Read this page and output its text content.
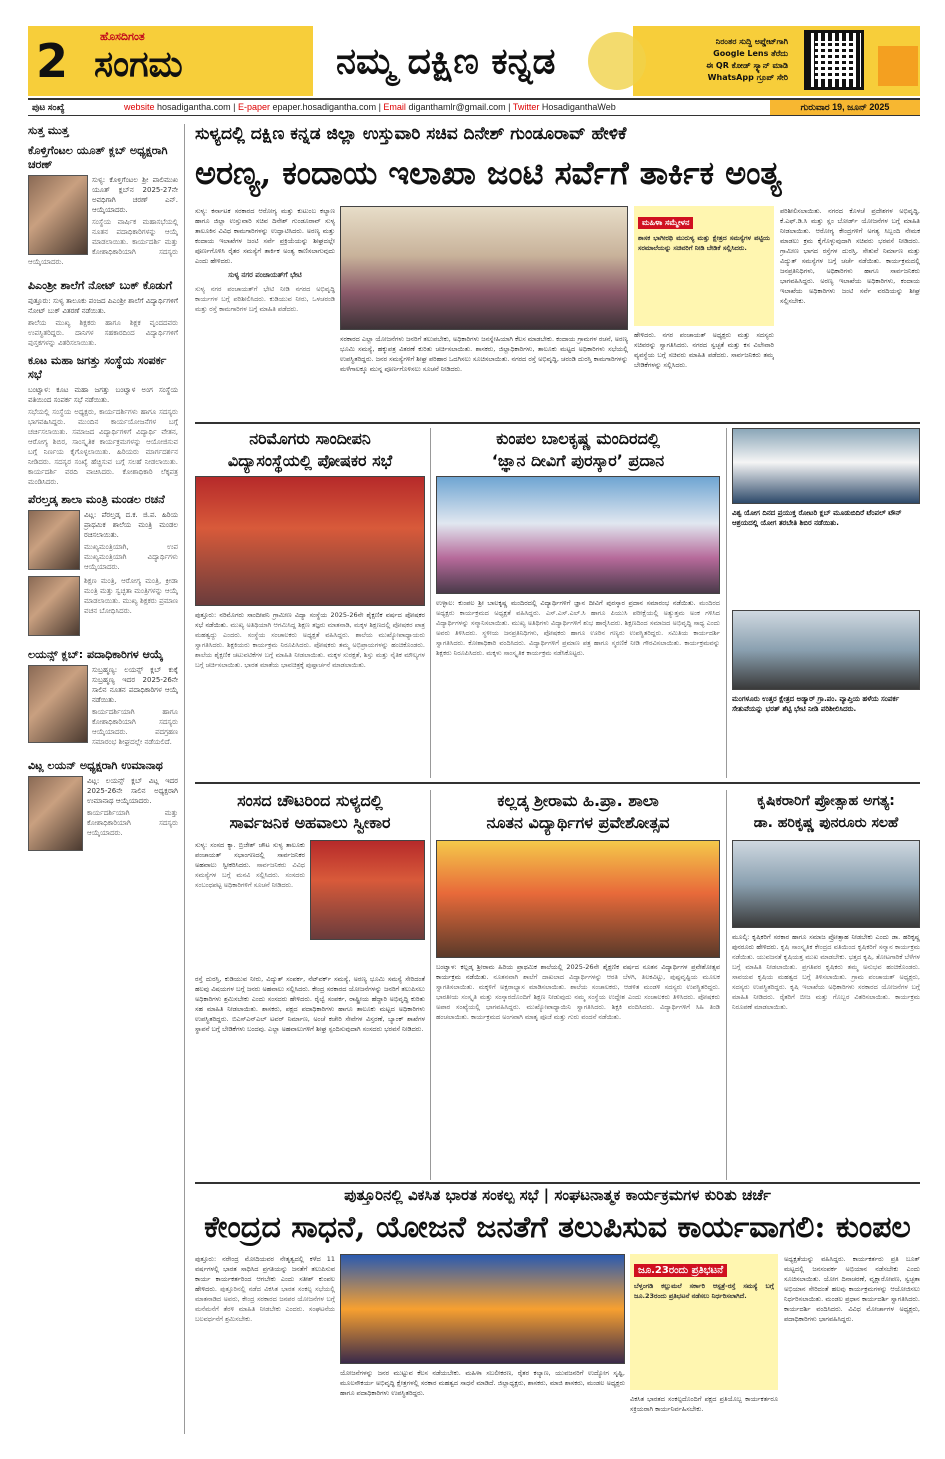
2	ಹೊಸದಿಗಂತ
ಸಂಗಮ	ನಮ್ಮ ದಕ್ಷಿಣ ಕನ್ನಡ	ನಿರಂತರ ಸುದ್ದಿ ಅಪ್ಡೇಟ್‌ಗಾಗಿ
Google Lens ತೆರೆದು
ಈ QR ಕೋಡ್ ಸ್ಕ್ಯಾನ್ ಮಾಡಿ
WhatsApp ಗ್ರೂಪ್ ಸೇರಿ
ಪುಟ ಸಂಖ್ಯೆ	website hosadigantha.com | E-paper epaper.hosadigantha.com | Email diganthamlr@gmail.com | Twitter HosadiganthaWeb	ಗುರುವಾರ 19, ಜೂನ್ 2025
ಸುತ್ತ ಮುತ್ತ
ಕೊಳ್ತಿಗೆಂಟಲ ಯೂತ್ ಕ್ಲಬ್ ಅಧ್ಯಕ್ಷರಾಗಿ ಚರಣ್

ಸುಳ್ಯ: ಕೊಳ್ತಿಗೆಂಟಲ ಶ್ರೀ ಪಾಲಿಮುಖ ಯೂತ್ ಕ್ಲಬ್‌ನ 2025-27ನೇ ಅವಧಿಗಾಗಿ ಚರಣ್ ಎನ್. ಆಯ್ಕೆಯಾದರು.

ಸಂಸ್ಥೆಯ ವಾರ್ಷಿಕ ಮಹಾಸಭೆಯಲ್ಲಿ ನೂತನ ಪದಾಧಿಕಾರಿಗಳನ್ನು ಆಯ್ಕೆ ಮಾಡಲಾಯಿತು. ಕಾರ್ಯದರ್ಶಿ ಮತ್ತು ಕೋಶಾಧಿಕಾರಿಯಾಗಿ ಸದಸ್ಯರು ಆಯ್ಕೆಯಾದರು.

ಪಿಎಂಶ್ರೀ ಶಾಲೆಗೆ ನೋಟ್ ಬುಕ್ ಕೊಡುಗೆ

ಪುತ್ತೂರು: ಸುಳ್ಯ ತಾಲೂಕು ಪಂಜದ ಪಿಎಂಶ್ರೀ ಶಾಲೆಗೆ ವಿದ್ಯಾರ್ಥಿಗಳಿಗೆ ನೋಟ್ ಬುಕ್ ವಿತರಣೆ ನಡೆಯಿತು.

ಶಾಲೆಯ ಮುಖ್ಯ ಶಿಕ್ಷಕರು ಹಾಗೂ ಶಿಕ್ಷಕ ವೃಂದದವರು ಉಪಸ್ಥಿತರಿದ್ದರು. ದಾನಿಗಳ ಸಹಕಾರದಿಂದ ವಿದ್ಯಾರ್ಥಿಗಳಿಗೆ ಪುಸ್ತಕಗಳನ್ನು ವಿತರಿಸಲಾಯಿತು.

ಕೂಟ ಮಹಾ ಜಗತ್ತು ಸಂಸ್ಥೆಯ ಸಂಪರ್ಕ ಸಭೆ

ಬಂಟ್ವಾಳ: ಕೂಟ ಮಹಾ ಜಗತ್ತು ಬಂಟ್ವಾಳ ಅಂಗ ಸಂಸ್ಥೆಯ ವತಿಯಿಂದ ಸಂಪರ್ಕ ಸಭೆ ನಡೆಯಿತು.

ಸಭೆಯಲ್ಲಿ ಸಂಸ್ಥೆಯ ಅಧ್ಯಕ್ಷರು, ಕಾರ್ಯದರ್ಶಿಗಳು ಹಾಗೂ ಸದಸ್ಯರು ಭಾಗವಹಿಸಿದ್ದರು. ಮುಂದಿನ ಕಾರ್ಯಯೋಜನೆಗಳ ಬಗ್ಗೆ ಚರ್ಚಿಸಲಾಯಿತು. ಸಮಾಜದ ವಿದ್ಯಾರ್ಥಿಗಳಿಗೆ ವಿದ್ಯಾರ್ಥಿ ವೇತನ, ಆರೋಗ್ಯ ಶಿಬಿರ, ಸಾಂಸ್ಕೃತಿಕ ಕಾರ್ಯಕ್ರಮಗಳನ್ನು ಆಯೋಜಿಸುವ ಬಗ್ಗೆ ನಿರ್ಣಯ ಕೈಗೊಳ್ಳಲಾಯಿತು. ಹಿರಿಯರು ಮಾರ್ಗದರ್ಶನ ನೀಡಿದರು. ಸದಸ್ಯರ ಸಂಖ್ಯೆ ಹೆಚ್ಚಿಸುವ ಬಗ್ಗೆ ಸಲಹೆ ನೀಡಲಾಯಿತು. ಕಾರ್ಯದರ್ಶಿ ವರದಿ ವಾಚಿಸಿದರು. ಕೋಶಾಧಿಕಾರಿ ಲೆಕ್ಕಪತ್ರ ಮಂಡಿಸಿದರು.

ಪೆರಲ್ತಡ್ಕ ಶಾಲಾ ಮಂತ್ರಿ ಮಂಡಲ ರಚನೆ

ವಿಟ್ಲ: ಪೆರಲ್ತಡ್ಕ ದ.ಕ. ಜಿ.ಪ. ಹಿರಿಯ ಪ್ರಾಥಮಿಕ ಶಾಲೆಯ ಮಂತ್ರಿ ಮಂಡಲ ರಚಿಸಲಾಯಿತು.

ಮುಖ್ಯಮಂತ್ರಿಯಾಗಿ, ಉಪ ಮುಖ್ಯಮಂತ್ರಿಯಾಗಿ ವಿದ್ಯಾರ್ಥಿಗಳು ಆಯ್ಕೆಯಾದರು.

ಶಿಕ್ಷಣ ಮಂತ್ರಿ, ಆರೋಗ್ಯ ಮಂತ್ರಿ, ಕ್ರೀಡಾ ಮಂತ್ರಿ ಮತ್ತು ಸ್ವಚ್ಛತಾ ಮಂತ್ರಿಗಳನ್ನು ಆಯ್ಕೆ ಮಾಡಲಾಯಿತು. ಮುಖ್ಯ ಶಿಕ್ಷಕರು ಪ್ರಮಾಣ ವಚನ ಬೋಧಿಸಿದರು.

ಲಯನ್ಸ್ ಕ್ಲಬ್: ಪದಾಧಿಕಾರಿಗಳ ಆಯ್ಕೆ

ಸುಬ್ರಹ್ಮಣ್ಯ: ಲಯನ್ಸ್ ಕ್ಲಬ್ ಕುಕ್ಕೆ ಸುಬ್ರಹ್ಮಣ್ಯ ಇದರ 2025-26ನೇ ಸಾಲಿನ ನೂತನ ಪದಾಧಿಕಾರಿಗಳ ಆಯ್ಕೆ ನಡೆಯಿತು.

ಕಾರ್ಯದರ್ಶಿಯಾಗಿ ಹಾಗೂ ಕೋಶಾಧಿಕಾರಿಯಾಗಿ ಸದಸ್ಯರು ಆಯ್ಕೆಯಾದರು. ಪದಗ್ರಹಣ ಸಮಾರಂಭ ಶೀಘ್ರದಲ್ಲೇ ನಡೆಯಲಿದೆ.

ವಿಟ್ಲ ಲಯನ್ ಅಧ್ಯಕ್ಷರಾಗಿ ಉಮಾನಾಥ

ವಿಟ್ಲ: ಲಯನ್ಸ್ ಕ್ಲಬ್ ವಿಟ್ಲ ಇದರ 2025-26ನೇ ಸಾಲಿನ ಅಧ್ಯಕ್ಷರಾಗಿ ಉಮಾನಾಥ ಆಯ್ಕೆಯಾದರು.

ಕಾರ್ಯದರ್ಶಿಯಾಗಿ ಮತ್ತು ಕೋಶಾಧಿಕಾರಿಯಾಗಿ ಸದಸ್ಯರು ಆಯ್ಕೆಯಾದರು.

ಸುಳ್ಯದಲ್ಲಿ ದಕ್ಷಿಣ ಕನ್ನಡ ಜಿಲ್ಲಾ ಉಸ್ತುವಾರಿ ಸಚಿವ ದಿನೇಶ್ ಗುಂಡೂರಾವ್ ಹೇಳಿಕೆ
ಅರಣ್ಯ, ಕಂದಾಯ ಇಲಾಖಾ ಜಂಟಿ ಸರ್ವೆಗೆ ತಾರ್ಕಿಕ ಅಂತ್ಯ
ಸುಳ್ಯ: ಕರ್ನಾಟಕ ಸರಕಾರದ ಆರೋಗ್ಯ ಮತ್ತು ಕುಟುಂಬ ಕಲ್ಯಾಣ ಹಾಗೂ ಜಿಲ್ಲಾ ಉಸ್ತುವಾರಿ ಸಚಿವ ದಿನೇಶ್ ಗುಂಡೂರಾವ್ ಸುಳ್ಯ ತಾಲೂಕಿನ ವಿವಿಧ ಕಾಮಗಾರಿಗಳನ್ನು ಉದ್ಘಾಟಿಸಿದರು. ಅರಣ್ಯ ಮತ್ತು ಕಂದಾಯ ಇಲಾಖೆಗಳ ಜಂಟಿ ಸರ್ವೆ ಪ್ರಕ್ರಿಯೆಯನ್ನು ಶೀಘ್ರದಲ್ಲೇ ಪೂರ್ಣಗೊಳಿಸಿ ರೈತರ ಸಮಸ್ಯೆಗೆ ತಾರ್ಕಿಕ ಅಂತ್ಯ ಕಾಣಿಸಲಾಗುವುದು ಎಂದು ಹೇಳಿದರು.
ಸುಳ್ಯ ನಗರ ಪಂಚಾಯತ್‌ಗೆ ಭೇಟಿ
ಸುಳ್ಯ ನಗರ ಪಂಚಾಯತ್‌ಗೆ ಭೇಟಿ ನೀಡಿ ನಗರದ ಅಭಿವೃದ್ಧಿ ಕಾರ್ಯಗಳ ಬಗ್ಗೆ ಪರಿಶೀಲಿಸಿದರು. ಕುಡಿಯುವ ನೀರು, ಒಳಚರಂಡಿ ಮತ್ತು ರಸ್ತೆ ಕಾಮಗಾರಿಗಳ ಬಗ್ಗೆ ಮಾಹಿತಿ ಪಡೆದರು.
ಸರಕಾರದ ಎಲ್ಲಾ ಯೋಜನೆಗಳು ಜನರಿಗೆ ತಲುಪಬೇಕು, ಅಧಿಕಾರಿಗಳು ಜನಸ್ನೇಹಿಯಾಗಿ ಕೆಲಸ ಮಾಡಬೇಕು. ಕಂದಾಯ ಗ್ರಾಮಗಳ ರಚನೆ, ಅರಣ್ಯ ಭೂಮಿ ಸಮಸ್ಯೆ, ಹಕ್ಕುಪತ್ರ ವಿತರಣೆ ಕುರಿತು ಚರ್ಚಿಸಲಾಯಿತು. ಶಾಸಕರು, ಜಿಲ್ಲಾಧಿಕಾರಿಗಳು, ತಾಲೂಕು ಮಟ್ಟದ ಅಧಿಕಾರಿಗಳು ಸಭೆಯಲ್ಲಿ ಉಪಸ್ಥಿತರಿದ್ದರು. ಜನರ ಸಮಸ್ಯೆಗಳಿಗೆ ಶೀಘ್ರ ಪರಿಹಾರ ಒದಗಿಸಲು ಸೂಚಿಸಲಾಯಿತು. ನಗರದ ರಸ್ತೆ ಅಭಿವೃದ್ಧಿ, ಚರಂಡಿ ದುರಸ್ತಿ ಕಾಮಗಾರಿಗಳನ್ನು ಮಳೆಗಾಲಕ್ಕೂ ಮುನ್ನ ಪೂರ್ಣಗೊಳಿಸಲು ಸೂಚನೆ ನೀಡಿದರು.
ಮಹಿಳಾ ಸಮ್ಮೇಳನ
ಶಾಸಕ ಭಾಗೀರಥಿ ಮುರುಳ್ಯ ಮತ್ತು ಕ್ಷೇತ್ರದ ಸಮಸ್ಯೆಗಳ ಪಟ್ಟಿಯ ಸರಮಾಲೆಯನ್ನು ಸಚಿವರಿಗೆ ನೀಡಿ ಬೇಡಿಕೆ ಸಲ್ಲಿಸಿದರು.
ಹೇಳಿದರು. ನಗರ ಪಂಚಾಯತ್ ಅಧ್ಯಕ್ಷರು ಮತ್ತು ಸದಸ್ಯರು ಸಚಿವರನ್ನು ಸ್ವಾಗತಿಸಿದರು. ನಗರದ ಸ್ವಚ್ಛತೆ ಮತ್ತು ಕಸ ವಿಲೇವಾರಿ ವ್ಯವಸ್ಥೆಯ ಬಗ್ಗೆ ಸಚಿವರು ಮಾಹಿತಿ ಪಡೆದರು. ಸಾರ್ವಜನಿಕರು ತಮ್ಮ ಬೇಡಿಕೆಗಳನ್ನು ಸಲ್ಲಿಸಿದರು.
ಪರಿಶೀಲಿಸಲಾಯಿತು. ನಗರದ ಕೊಳಚೆ ಪ್ರದೇಶಗಳ ಅಭಿವೃದ್ಧಿ, ಕೆ.ಎಫ್.ಡಿ.ಸಿ ಮತ್ತು ಸ್ಲಂ ಬೋರ್ಡ್ ಯೋಜನೆಗಳ ಬಗ್ಗೆ ಮಾಹಿತಿ ನೀಡಲಾಯಿತು. ಆರೋಗ್ಯ ಕೇಂದ್ರಗಳಿಗೆ ಅಗತ್ಯ ಸಿಬ್ಬಂದಿ ನೇಮಕ ಮಾಡಲು ಕ್ರಮ ಕೈಗೊಳ್ಳುವುದಾಗಿ ಸಚಿವರು ಭರವಸೆ ನೀಡಿದರು. ಗ್ರಾಮೀಣ ಭಾಗದ ರಸ್ತೆಗಳ ದುರಸ್ತಿ, ಸೇತುವೆ ನಿರ್ಮಾಣ ಮತ್ತು ವಿದ್ಯುತ್ ಸಮಸ್ಯೆಗಳ ಬಗ್ಗೆ ಚರ್ಚೆ ನಡೆಯಿತು. ಕಾರ್ಯಕ್ರಮದಲ್ಲಿ ಜನಪ್ರತಿನಿಧಿಗಳು, ಅಧಿಕಾರಿಗಳು ಹಾಗೂ ಸಾರ್ವಜನಿಕರು ಭಾಗವಹಿಸಿದ್ದರು. ಅರಣ್ಯ ಇಲಾಖೆಯ ಅಧಿಕಾರಿಗಳು, ಕಂದಾಯ ಇಲಾಖೆಯ ಅಧಿಕಾರಿಗಳು ಜಂಟಿ ಸರ್ವೆ ವರದಿಯನ್ನು ಶೀಘ್ರ ಸಲ್ಲಿಸಬೇಕು.
ನರಿಮೊಗರು ಸಾಂದೀಪನಿ
ವಿದ್ಯಾಸಂಸ್ಥೆಯಲ್ಲಿ ಪೋಷಕರ ಸಭೆ
ಪುತ್ತೂರು: ನರಿಮೊಗರು ಸಾಂದೀಪನಿ ಗ್ರಾಮೀಣ ವಿದ್ಯಾ ಸಂಸ್ಥೆಯ 2025-26ನೇ ಶೈಕ್ಷಣಿಕ ವರ್ಷದ ಪೋಷಕರ ಸಭೆ ನಡೆಯಿತು. ಮುಖ್ಯ ಅತಿಥಿಯಾಗಿ ಆಗಮಿಸಿದ್ದ ಶಿಕ್ಷಣ ತಜ್ಞರು ಮಾತನಾಡಿ, ಮಕ್ಕಳ ಶಿಕ್ಷಣದಲ್ಲಿ ಪೋಷಕರ ಪಾತ್ರ ಮಹತ್ವದ್ದು ಎಂದರು. ಸಂಸ್ಥೆಯ ಸಂಚಾಲಕರು ಅಧ್ಯಕ್ಷತೆ ವಹಿಸಿದ್ದರು. ಶಾಲೆಯ ಮುಖ್ಯೋಪಾಧ್ಯಾಯರು ಸ್ವಾಗತಿಸಿದರು. ಶಿಕ್ಷಕಿಯರು ಕಾರ್ಯಕ್ರಮ ನಿರೂಪಿಸಿದರು. ಪೋಷಕರು ತಮ್ಮ ಅಭಿಪ್ರಾಯಗಳನ್ನು ಹಂಚಿಕೊಂಡರು. ಶಾಲೆಯ ಶೈಕ್ಷಣಿಕ ಚಟುವಟಿಕೆಗಳ ಬಗ್ಗೆ ಮಾಹಿತಿ ನೀಡಲಾಯಿತು. ಮಕ್ಕಳ ಸುರಕ್ಷತೆ, ಶಿಸ್ತು ಮತ್ತು ನೈತಿಕ ಮೌಲ್ಯಗಳ ಬಗ್ಗೆ ಚರ್ಚಿಸಲಾಯಿತು. ಭಾರತ ಮಾತೆಯ ಭಾವಚಿತ್ರಕ್ಕೆ ಪುಷ್ಪಾರ್ಚನೆ ಮಾಡಲಾಯಿತು.
ಕುಂಪಲ ಬಾಲಕೃಷ್ಣ ಮಂದಿರದಲ್ಲಿ
‘ಜ್ಞಾನ ದೀವಿಗೆ ಪುರಸ್ಕಾರ’ ಪ್ರದಾನ
ಉಳ್ಳಾಲ: ಕುಂಪಲ ಶ್ರೀ ಬಾಲಕೃಷ್ಣ ಮಂದಿರದಲ್ಲಿ ವಿದ್ಯಾರ್ಥಿಗಳಿಗೆ ಜ್ಞಾನ ದೀವಿಗೆ ಪುರಸ್ಕಾರ ಪ್ರದಾನ ಸಮಾರಂಭ ನಡೆಯಿತು. ಮಂದಿರದ ಅಧ್ಯಕ್ಷರು ಕಾರ್ಯಕ್ರಮದ ಅಧ್ಯಕ್ಷತೆ ವಹಿಸಿದ್ದರು. ಎಸ್.ಎಸ್.ಎಲ್.ಸಿ ಹಾಗೂ ಪಿಯುಸಿ ಪರೀಕ್ಷೆಯಲ್ಲಿ ಅತ್ಯುತ್ತಮ ಅಂಕ ಗಳಿಸಿದ ವಿದ್ಯಾರ್ಥಿಗಳನ್ನು ಸನ್ಮಾನಿಸಲಾಯಿತು. ಮುಖ್ಯ ಅತಿಥಿಗಳು ವಿದ್ಯಾರ್ಥಿಗಳಿಗೆ ಶುಭ ಹಾರೈಸಿದರು. ಶಿಕ್ಷಣದಿಂದ ಸಮಾಜದ ಅಭಿವೃದ್ಧಿ ಸಾಧ್ಯ ಎಂದು ಅವರು ತಿಳಿಸಿದರು. ಸ್ಥಳೀಯ ಜನಪ್ರತಿನಿಧಿಗಳು, ಪೋಷಕರು ಹಾಗೂ ಊರಿನ ಗಣ್ಯರು ಉಪಸ್ಥಿತರಿದ್ದರು. ಸಮಿತಿಯ ಕಾರ್ಯದರ್ಶಿ ಸ್ವಾಗತಿಸಿದರು. ಕೋಶಾಧಿಕಾರಿ ವಂದಿಸಿದರು. ವಿದ್ಯಾರ್ಥಿಗಳಿಗೆ ಪ್ರಮಾಣ ಪತ್ರ ಹಾಗೂ ಸ್ಮರಣಿಕೆ ನೀಡಿ ಗೌರವಿಸಲಾಯಿತು. ಕಾರ್ಯಕ್ರಮವನ್ನು ಶಿಕ್ಷಕರು ನಿರೂಪಿಸಿದರು. ಮಕ್ಕಳು ಸಾಂಸ್ಕೃತಿಕ ಕಾರ್ಯಕ್ರಮ ನಡೆಸಿಕೊಟ್ಟರು.
ವಿಶ್ವ ಯೋಗ ದಿನದ ಪ್ರಯುಕ್ತ ರೋಟರಿ ಕ್ಲಬ್ ಮೂಡುಬಿದಿರೆ ಟೆಂಪಲ್ ಟೌನ್ ಆಶ್ರಯದಲ್ಲಿ ಯೋಗ ತರಬೇತಿ ಶಿಬಿರ ನಡೆಯಿತು.
ಮಂಗಳೂರು ಉತ್ತರ ಕ್ಷೇತ್ರದ ಅಡ್ಯಾರ್ ಗ್ರಾ.ಪಂ. ವ್ಯಾಪ್ತಿಯ ಹಳೆಯ ಸಂಪರ್ಕ ಸೇತುವೆಯನ್ನು ಭರತ್ ಶೆಟ್ಟಿ ಭೇಟಿ ನೀಡಿ ಪರಿಶೀಲಿಸಿದರು.
ಸಂಸದ ಚೌಟರಿಂದ ಸುಳ್ಯದಲ್ಲಿ
ಸಾರ್ವಜನಿಕ ಅಹವಾಲು ಸ್ವೀಕಾರ
ಸುಳ್ಯ: ಸಂಸದ ಕ್ಯಾ. ಬ್ರಿಜೇಶ್ ಚೌಟ ಸುಳ್ಯ ತಾಲೂಕು ಪಂಚಾಯತ್ ಸಭಾಂಗಣದಲ್ಲಿ ಸಾರ್ವಜನಿಕರ ಅಹವಾಲು ಸ್ವೀಕರಿಸಿದರು. ಸಾರ್ವಜನಿಕರು ವಿವಿಧ ಸಮಸ್ಯೆಗಳ ಬಗ್ಗೆ ಮನವಿ ಸಲ್ಲಿಸಿದರು. ಸಂಸದರು ಸಂಬಂಧಪಟ್ಟ ಅಧಿಕಾರಿಗಳಿಗೆ ಸೂಚನೆ ನೀಡಿದರು.
ರಸ್ತೆ ದುರಸ್ತಿ, ಕುಡಿಯುವ ನೀರು, ವಿದ್ಯುತ್ ಸಂಪರ್ಕ, ನೆಟ್‌ವರ್ಕ್ ಸಮಸ್ಯೆ, ಅರಣ್ಯ ಭೂಮಿ ಸಮಸ್ಯೆ ಸೇರಿದಂತೆ ಹಲವು ವಿಷಯಗಳ ಬಗ್ಗೆ ಜನರು ಅಹವಾಲು ಸಲ್ಲಿಸಿದರು. ಕೇಂದ್ರ ಸರಕಾರದ ಯೋಜನೆಗಳನ್ನು ಜನರಿಗೆ ತಲುಪಿಸಲು ಅಧಿಕಾರಿಗಳು ಶ್ರಮಿಸಬೇಕು ಎಂದು ಸಂಸದರು ಹೇಳಿದರು. ರೈಲ್ವೆ ಸಂಪರ್ಕ, ರಾಷ್ಟ್ರೀಯ ಹೆದ್ದಾರಿ ಅಭಿವೃದ್ಧಿ ಕುರಿತು ಸಹ ಮಾಹಿತಿ ನೀಡಲಾಯಿತು. ಶಾಸಕರು, ಪಕ್ಷದ ಪದಾಧಿಕಾರಿಗಳು ಹಾಗೂ ತಾಲೂಕು ಮಟ್ಟದ ಅಧಿಕಾರಿಗಳು ಉಪಸ್ಥಿತರಿದ್ದರು. ಬಿಎಸ್‌ಎನ್‌ಎಲ್ ಟವರ್ ನಿರ್ಮಾಣ, ಅಂಚೆ ಕಚೇರಿ ಸೇವೆಗಳ ವಿಸ್ತರಣೆ, ಬ್ಯಾಂಕ್ ಶಾಖೆಗಳ ಸ್ಥಾಪನೆ ಬಗ್ಗೆ ಬೇಡಿಕೆಗಳು ಬಂದವು. ಎಲ್ಲಾ ಅಹವಾಲುಗಳಿಗೆ ಶೀಘ್ರ ಸ್ಪಂದಿಸುವುದಾಗಿ ಸಂಸದರು ಭರವಸೆ ನೀಡಿದರು.
ಕಲ್ಲಡ್ಕ ಶ್ರೀರಾಮ ಹಿ.ಪ್ರಾ. ಶಾಲಾ
ನೂತನ ವಿದ್ಯಾರ್ಥಿಗಳ ಪ್ರವೇಶೋತ್ಸವ
ಬಂಟ್ವಾಳ: ಕಲ್ಲಡ್ಕ ಶ್ರೀರಾಮ ಹಿರಿಯ ಪ್ರಾಥಮಿಕ ಶಾಲೆಯಲ್ಲಿ 2025-26ನೇ ಶೈಕ್ಷಣಿಕ ವರ್ಷದ ನೂತನ ವಿದ್ಯಾರ್ಥಿಗಳ ಪ್ರವೇಶೋತ್ಸವ ಕಾರ್ಯಕ್ರಮ ನಡೆಯಿತು. ನೂತನವಾಗಿ ಶಾಲೆಗೆ ದಾಖಲಾದ ವಿದ್ಯಾರ್ಥಿಗಳನ್ನು ಆರತಿ ಬೆಳಗಿ, ತಿಲಕವಿಟ್ಟು, ಪುಷ್ಪವೃಷ್ಟಿಯ ಮೂಲಕ ಸ್ವಾಗತಿಸಲಾಯಿತು. ಮಕ್ಕಳಿಗೆ ಅಕ್ಷರಾಭ್ಯಾಸ ಮಾಡಿಸಲಾಯಿತು. ಶಾಲೆಯ ಸಂಚಾಲಕರು, ಆಡಳಿತ ಮಂಡಳಿ ಸದಸ್ಯರು ಉಪಸ್ಥಿತರಿದ್ದರು. ಭಾರತೀಯ ಸಂಸ್ಕೃತಿ ಮತ್ತು ಸಂಸ್ಕಾರದೊಂದಿಗೆ ಶಿಕ್ಷಣ ನೀಡುವುದು ನಮ್ಮ ಸಂಸ್ಥೆಯ ಉದ್ದೇಶ ಎಂದು ಸಂಚಾಲಕರು ತಿಳಿಸಿದರು. ಪೋಷಕರು ಅಪಾರ ಸಂಖ್ಯೆಯಲ್ಲಿ ಭಾಗವಹಿಸಿದ್ದರು. ಮುಖ್ಯೋಪಾಧ್ಯಾಯಿನಿ ಸ್ವಾಗತಿಸಿದರು. ಶಿಕ್ಷಕಿ ವಂದಿಸಿದರು. ವಿದ್ಯಾರ್ಥಿಗಳಿಗೆ ಸಿಹಿ ತಿಂಡಿ ಹಂಚಲಾಯಿತು. ಕಾರ್ಯಕ್ರಮದ ಅಂಗವಾಗಿ ಮಾತೃ ಪೂಜೆ ಮತ್ತು ಗುರು ವಂದನೆ ನಡೆಯಿತು.
ಕೃಷಿಕರಾರಿಗೆ ಪ್ರೋತ್ಸಾಹ ಅಗತ್ಯ:
ಡಾ. ಹರಿಕೃಷ್ಣ ಪುನರೂರು ಸಲಹೆ
ಮೂಲ್ಕಿ: ಕೃಷಿಕರಿಗೆ ಸರಕಾರ ಹಾಗೂ ಸಮಾಜ ಪ್ರೋತ್ಸಾಹ ನೀಡಬೇಕು ಎಂದು ಡಾ. ಹರಿಕೃಷ್ಣ ಪುನರೂರು ಹೇಳಿದರು. ಕೃಷಿ ಸಾಂಸ್ಕೃತಿಕ ಕೇಂದ್ರದ ವತಿಯಿಂದ ಕೃಷಿಕರಿಗೆ ಸನ್ಮಾನ ಕಾರ್ಯಕ್ರಮ ನಡೆಯಿತು. ಯುವಜನತೆ ಕೃಷಿಯತ್ತ ಮುಖ ಮಾಡಬೇಕು. ಭತ್ತದ ಕೃಷಿ, ತೋಟಗಾರಿಕೆ ಬೆಳೆಗಳ ಬಗ್ಗೆ ಮಾಹಿತಿ ನೀಡಲಾಯಿತು. ಪ್ರಗತಿಪರ ಕೃಷಿಕರು ತಮ್ಮ ಅನುಭವ ಹಂಚಿಕೊಂಡರು. ಸಾವಯವ ಕೃಷಿಯ ಮಹತ್ವದ ಬಗ್ಗೆ ತಿಳಿಸಲಾಯಿತು. ಗ್ರಾಮ ಪಂಚಾಯತ್ ಅಧ್ಯಕ್ಷರು, ಸದಸ್ಯರು ಉಪಸ್ಥಿತರಿದ್ದರು. ಕೃಷಿ ಇಲಾಖೆಯ ಅಧಿಕಾರಿಗಳು ಸರಕಾರದ ಯೋಜನೆಗಳ ಬಗ್ಗೆ ಮಾಹಿತಿ ನೀಡಿದರು. ರೈತರಿಗೆ ಬೀಜ ಮತ್ತು ಗೊಬ್ಬರ ವಿತರಿಸಲಾಯಿತು. ಕಾರ್ಯಕ್ರಮ ನಿರೂಪಣೆ ಮಾಡಲಾಯಿತು.
ಪುತ್ತೂರಿನಲ್ಲಿ ವಿಕಸಿತ ಭಾರತ ಸಂಕಲ್ಪ ಸಭೆ | ಸಂಘಟನಾತ್ಮಕ ಕಾರ್ಯಕ್ರಮಗಳ ಕುರಿತು ಚರ್ಚೆ
ಕೇಂದ್ರದ ಸಾಧನೆ, ಯೋಜನೆ ಜನತೆಗೆ ತಲುಪಿಸುವ ಕಾರ್ಯವಾಗಲಿ: ಕುಂಪಲ
ಪುತ್ತೂರು: ನರೇಂದ್ರ ಮೋದಿಯವರ ನೇತೃತ್ವದಲ್ಲಿ ಕಳೆದ 11 ವರ್ಷಗಳಲ್ಲಿ ಭಾರತ ಸಾಧಿಸಿದ ಪ್ರಗತಿಯನ್ನು ಜನತೆಗೆ ತಲುಪಿಸುವ ಕಾರ್ಯ ಕಾರ್ಯಕರ್ತರಿಂದ ಆಗಬೇಕು ಎಂದು ಸತೀಶ್ ಕುಂಪಲ ಹೇಳಿದರು. ಪುತ್ತೂರಿನಲ್ಲಿ ನಡೆದ ವಿಕಸಿತ ಭಾರತ ಸಂಕಲ್ಪ ಸಭೆಯಲ್ಲಿ ಮಾತನಾಡಿದ ಅವರು, ಕೇಂದ್ರ ಸರಕಾರದ ಜನಪರ ಯೋಜನೆಗಳ ಬಗ್ಗೆ ಮನೆಮನೆಗೆ ತೆರಳಿ ಮಾಹಿತಿ ನೀಡಬೇಕು ಎಂದರು. ಸಂಘಟನೆಯ ಬಲವರ್ಧನೆಗೆ ಶ್ರಮಿಸಬೇಕು.
ಯೋಜನೆಗಳನ್ನು ಜನರ ಮುಟ್ಟುವ ಕೆಲಸ ನಡೆಯಬೇಕು. ಮಹಿಳಾ ಸಬಲೀಕರಣ, ರೈತರ ಕಲ್ಯಾಣ, ಯುವಜನರಿಗೆ ಉದ್ಯೋಗ ಸೃಷ್ಟಿ, ಮೂಲಸೌಕರ್ಯ ಅಭಿವೃದ್ಧಿ ಕ್ಷೇತ್ರಗಳಲ್ಲಿ ಸರಕಾರ ಮಹತ್ವದ ಸಾಧನೆ ಮಾಡಿದೆ. ಜಿಲ್ಲಾಧ್ಯಕ್ಷರು, ಶಾಸಕರು, ಮಾಜಿ ಶಾಸಕರು, ಮಂಡಲ ಅಧ್ಯಕ್ಷರು ಹಾಗೂ ಪದಾಧಿಕಾರಿಗಳು ಉಪಸ್ಥಿತರಿದ್ದರು.
ಜೂ.23ರಂದು ಪ್ರತಿಭಟನೆ
ಬೆಳ್ತಂಗಡಿ ಕಲ್ಲುಮಲೆ ಸರ್ಕಾರಿ ಆಸ್ಪತ್ರೆ-ರಸ್ತೆ ಸಮಸ್ಯೆ ಬಗ್ಗೆ ಜೂ.23ರಂದು ಪ್ರತಿಭಟನೆ ನಡೆಸಲು ನಿರ್ಧರಿಸಲಾಗಿದೆ.
ವಿಕಸಿತ ಭಾರತದ ಸಂಕಲ್ಪದೊಂದಿಗೆ ಪಕ್ಷದ ಪ್ರತಿಯೊಬ್ಬ ಕಾರ್ಯಕರ್ತರೂ ಸಕ್ರಿಯರಾಗಿ ಕಾರ್ಯನಿರ್ವಹಿಸಬೇಕು.
ಅಧ್ಯಕ್ಷತೆಯನ್ನು ವಹಿಸಿದ್ದರು. ಕಾರ್ಯಕರ್ತರು ಪ್ರತಿ ಬೂತ್ ಮಟ್ಟದಲ್ಲಿ ಜನಸಂಪರ್ಕ ಅಭಿಯಾನ ನಡೆಸಬೇಕು ಎಂದು ಸೂಚಿಸಲಾಯಿತು. ಯೋಗ ದಿನಾಚರಣೆ, ವೃಕ್ಷಾರೋಪಣ, ಸ್ವಚ್ಛತಾ ಅಭಿಯಾನ ಸೇರಿದಂತೆ ಹಲವು ಕಾರ್ಯಕ್ರಮಗಳನ್ನು ಆಯೋಜಿಸಲು ನಿರ್ಧರಿಸಲಾಯಿತು. ಮಂಡಲ ಪ್ರಧಾನ ಕಾರ್ಯದರ್ಶಿ ಸ್ವಾಗತಿಸಿದರು. ಕಾರ್ಯದರ್ಶಿ ವಂದಿಸಿದರು. ವಿವಿಧ ಮೋರ್ಚಾಗಳ ಅಧ್ಯಕ್ಷರು, ಪದಾಧಿಕಾರಿಗಳು ಭಾಗವಹಿಸಿದ್ದರು.
